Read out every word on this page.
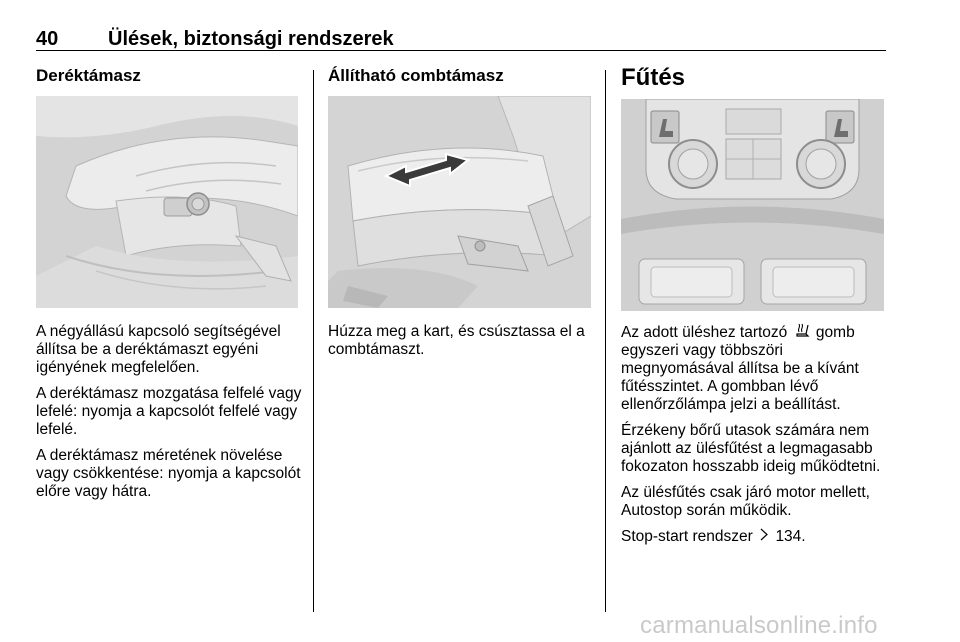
40 Ülések, biztonsági rendszerek
Deréktámasz

A négyállású kapcsoló segítségével állítsa be a deréktámaszt egyéni igényének megfelelően.

A deréktámasz mozgatása felfelé vagy lefelé: nyomja a kapcsolót felfelé vagy lefelé.

A deréktámasz méretének növelése vagy csökkentése: nyomja a kapcsolót előre vagy hátra.

Állítható combtámasz

Húzza meg a kart, és csúsztassa el a combtámaszt.

Fűtés

Az adott üléshez tartozó gomb egyszeri vagy többszöri megnyomásával állítsa be a kívánt fűtésszintet. A gombban lévő ellenőrzőlámpa jelzi a beállítást.

Érzékeny bőrű utasok számára nem ajánlott az ülésfűtést a legmagasabb fokozaton hosszabb ideig működtetni.

Az ülésfűtés csak járó motor mellett, Autostop során működik.

Stop-start rendszer 134.

carmanualsonline.info
